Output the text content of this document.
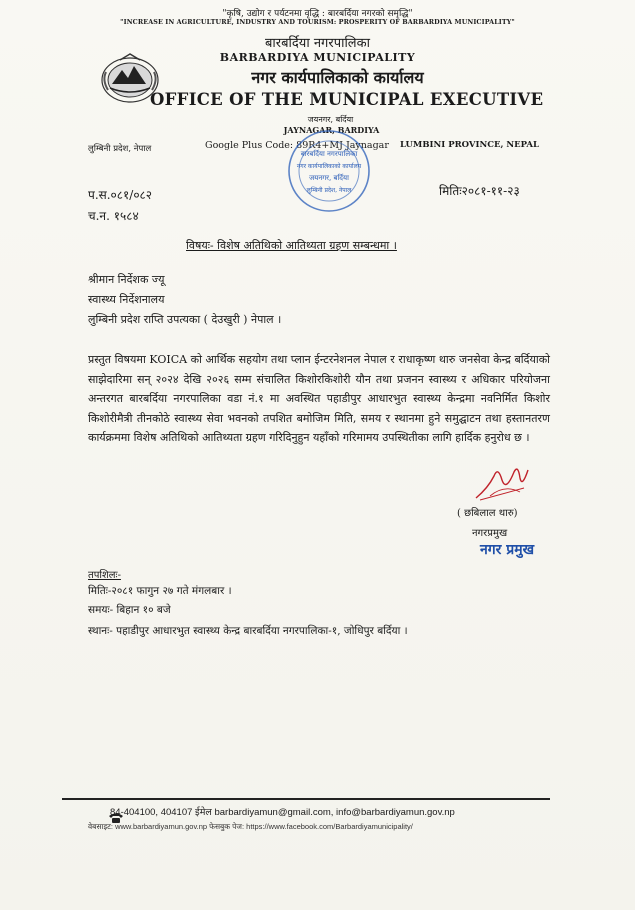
"कृषि, उद्योग र पर्यटनमा वृद्धि : बारबर्दिया नगरको समृद्धि"
"INCREASE IN AGRICULTURE, INDUSTRY AND TOURISM: PROSPERITY OF BARBARDIYA MUNICIPALITY"
बारबर्दिया नगरपालिका
BARBARDIYA MUNICIPALITY
नगर कार्यपालिकाको कार्यालय
OFFICE OF THE MUNICIPAL EXECUTIVE
जयनगर, बर्दिया
JAYNAGAR, BARDIYA
लुम्बिनी प्रदेश, नेपाल	Google Plus Code: 89R4+MJ Jaynagar LUMBINI PROVINCE, NEPAL
बारबर्दिया नगरपालिका
नगर कार्यपालिकाको कार्यालय
जयनगर, बर्दिया
लुम्बिनी प्रदेश, नेपाल
प.स.०८१/०८२
च.न. १५८४
मितिः२०८१-११-२३
विषयः- विशेष अतिथिको आतिथ्यता ग्रहण सम्बन्धमा ।
श्रीमान निर्देशक ज्यू
स्वास्थ्य निर्देशनालय
लुम्बिनी प्रदेश राप्ति उपत्यका ( देउखुरी ) नेपाल ।
प्रस्तुत विषयमा KOICA को आर्थिक सहयोग तथा प्लान ईन्टरनेशनल नेपाल र राधाकृष्ण थारु जनसेवा केन्द्र बर्दियाको साझेदारिमा सन् २०२४ देखि २०२६ सम्म संचालित किशोरकिशोरी यौन तथा प्रजनन स्वास्थ्य र अधिकार परियोजना अन्तरगत बारबर्दिया नगरपालिका वडा नं.१ मा अवस्थित पहाडीपुर आधारभुत स्वास्थ्य केन्द्रमा नवनिर्मित किशोर किशोरीमैत्री तीनकोठे स्वास्थ्य सेवा भवनको तपशित बमोजिम मिति, समय र स्थानमा हुने समुद्घाटन तथा हस्तानतरण कार्यक्रममा विशेष अतिथिको आतिथ्यता ग्रहण गरिदिनुहुन यहाँको गरिमामय उपस्थितीका लागि हार्दिक हनुरोध छ ।
( छबिलाल थारु)
नगरप्रमुख
नगर प्रमुख
तपशिलः-
मितिः-२०८१ फागुन २७ गते मंगलबार ।
समयः- बिहान १० बजे
स्थानः- पहाडीपुर आधारभुत स्वास्थ्य केन्द्र बारबर्दिया नगरपालिका-१, जोधिपुर बर्दिया ।
84-404100, 404107 ईमेल barbardiyamun@gmail.com, info@barbardiyamun.gov.np
वेबसाइट: www.barbardiyamun.gov.np फेसबुक पेज: https://www.facebook.com/Barbardiyamunicipality/
